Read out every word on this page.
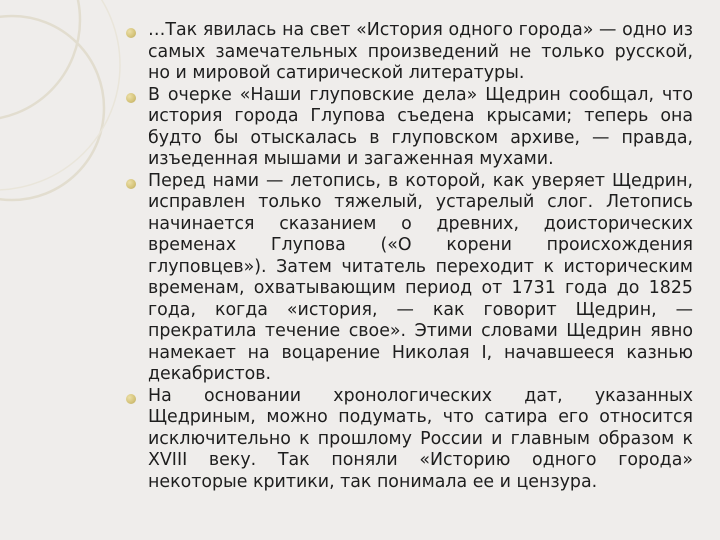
…Так явилась на свет «История одного города» — одно из самых замечательных произведений не только русской, но и мировой сатирической литературы.
В очерке «Наши глуповские дела» Щедрин сообщал, что история города Глупова съедена крысами; теперь она будто бы отыскалась в глуповском архиве, — правда, изъеденная мышами и загаженная мухами.
Перед нами — летопись, в которой, как уверяет Щедрин, исправлен только тяжелый, устарелый слог. Летопись начинается сказанием о древних, доисторических временах Глупова («О корени происхождения глуповцев»). Затем читатель переходит к историческим временам, охватывающим период от 1731 года до 1825 года, когда «история, — как говорит Щедрин, — прекратила течение свое». Этими словами Щедрин явно намекает на воцарение Николая I, начавшееся казнью декабристов.
На основании хронологических дат, указанных Щедриным, можно подумать, что сатира его относится исключительно к прошлому России и главным образом к XVIII веку. Так поняли «Историю одного города» некоторые критики, так понимала ее и цензура.
